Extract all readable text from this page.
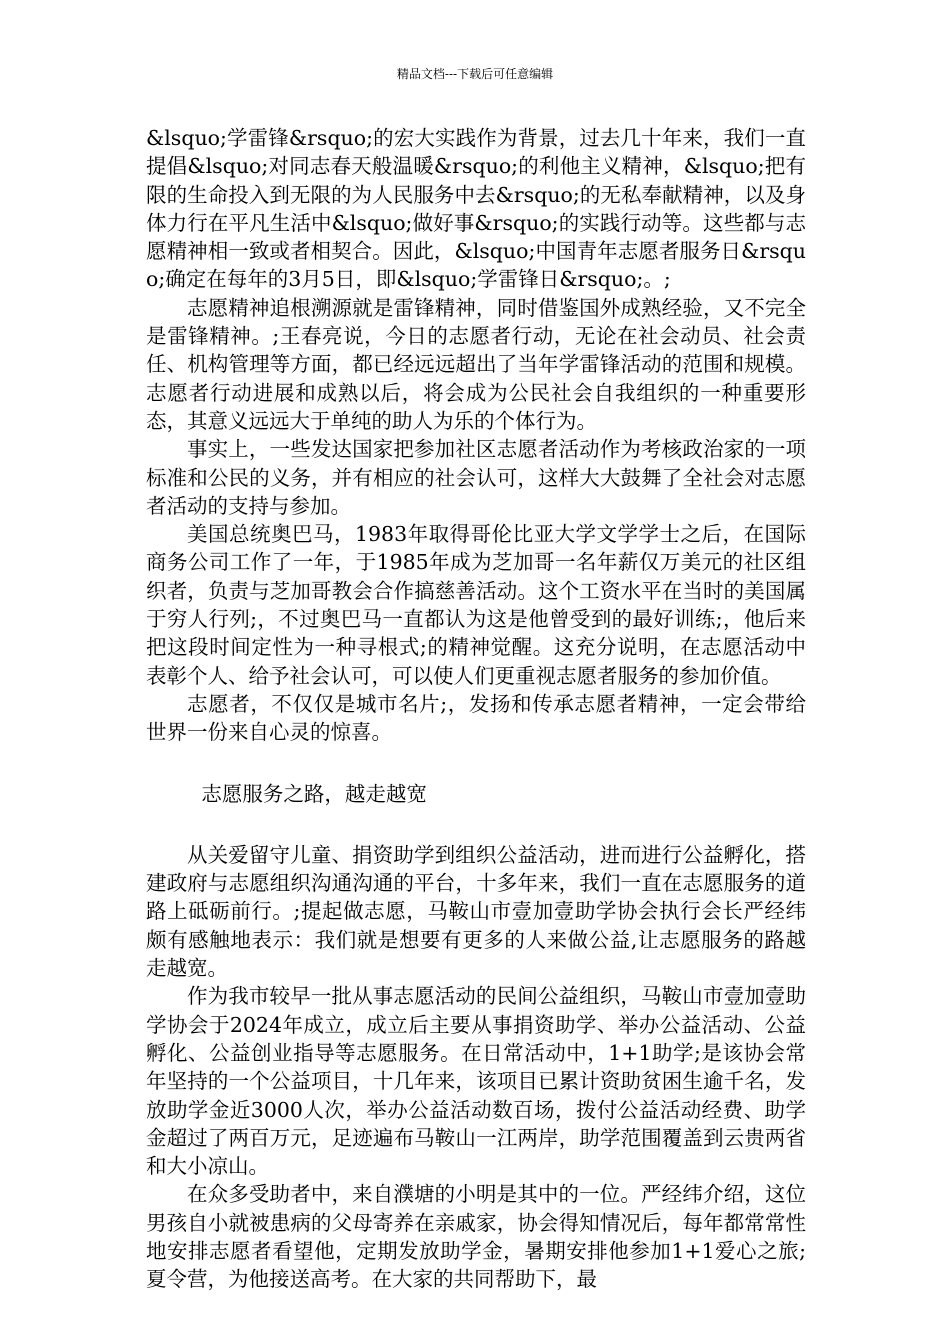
精品文档---下载后可任意编辑

&lsquo;学雷锋&rsquo;的宏大实践作为背景，过去几十年来，我们一直提倡&lsquo;对同志春天般温暖&rsquo;的利他主义精神，&lsquo;把有限的生命投入到无限的为人民服务中去&rsquo;的无私奉献精神，以及身体力行在平凡生活中&lsquo;做好事&rsquo;的实践行动等。这些都与志愿精神相一致或者相契合。因此，&lsquo;中国青年志愿者服务日&rsquo;确定在每年的3月5日，即&lsquo;学雷锋日&rsquo;。;

志愿精神追根溯源就是雷锋精神，同时借鉴国外成熟经验，又不完全是雷锋精神。;王春亮说，今日的志愿者行动，无论在社会动员、社会责任、机构管理等方面，都已经远远超出了当年学雷锋活动的范围和规模。志愿者行动进展和成熟以后，将会成为公民社会自我组织的一种重要形态，其意义远远大于单纯的助人为乐的个体行为。

事实上，一些发达国家把参加社区志愿者活动作为考核政治家的一项标准和公民的义务，并有相应的社会认可，这样大大鼓舞了全社会对志愿者活动的支持与参加。

美国总统奥巴马，1983年取得哥伦比亚大学文学学士之后，在国际商务公司工作了一年，于1985年成为芝加哥一名年薪仅万美元的社区组织者，负责与芝加哥教会合作搞慈善活动。这个工资水平在当时的美国属于穷人行列;，不过奥巴马一直都认为这是他曾受到的最好训练;，他后来把这段时间定性为一种寻根式;的精神觉醒。这充分说明，在志愿活动中表彰个人、给予社会认可，可以使人们更重视志愿者服务的参加价值。

志愿者，不仅仅是城市名片;，发扬和传承志愿者精神，一定会带给世界一份来自心灵的惊喜。

志愿服务之路，越走越宽

从关爱留守儿童、捐资助学到组织公益活动，进而进行公益孵化，搭建政府与志愿组织沟通沟通的平台，十多年来，我们一直在志愿服务的道路上砥砺前行。;提起做志愿，马鞍山市壹加壹助学协会执行会长严经纬颇有感触地表示：我们就是想要有更多的人来做公益,让志愿服务的路越走越宽。

作为我市较早一批从事志愿活动的民间公益组织，马鞍山市壹加壹助学协会于2024年成立，成立后主要从事捐资助学、举办公益活动、公益孵化、公益创业指导等志愿服务。在日常活动中，1+1助学;是该协会常年坚持的一个公益项目，十几年来，该项目已累计资助贫困生逾千名，发放助学金近3000人次，举办公益活动数百场，拨付公益活动经费、助学金超过了两百万元，足迹遍布马鞍山一江两岸，助学范围覆盖到云贵两省和大小凉山。

在众多受助者中，来自濮塘的小明是其中的一位。严经纬介绍，这位男孩自小就被患病的父母寄养在亲戚家，协会得知情况后，每年都常常性地安排志愿者看望他，定期发放助学金，暑期安排他参加1+1爱心之旅;夏令营，为他接送高考。在大家的共同帮助下，最
